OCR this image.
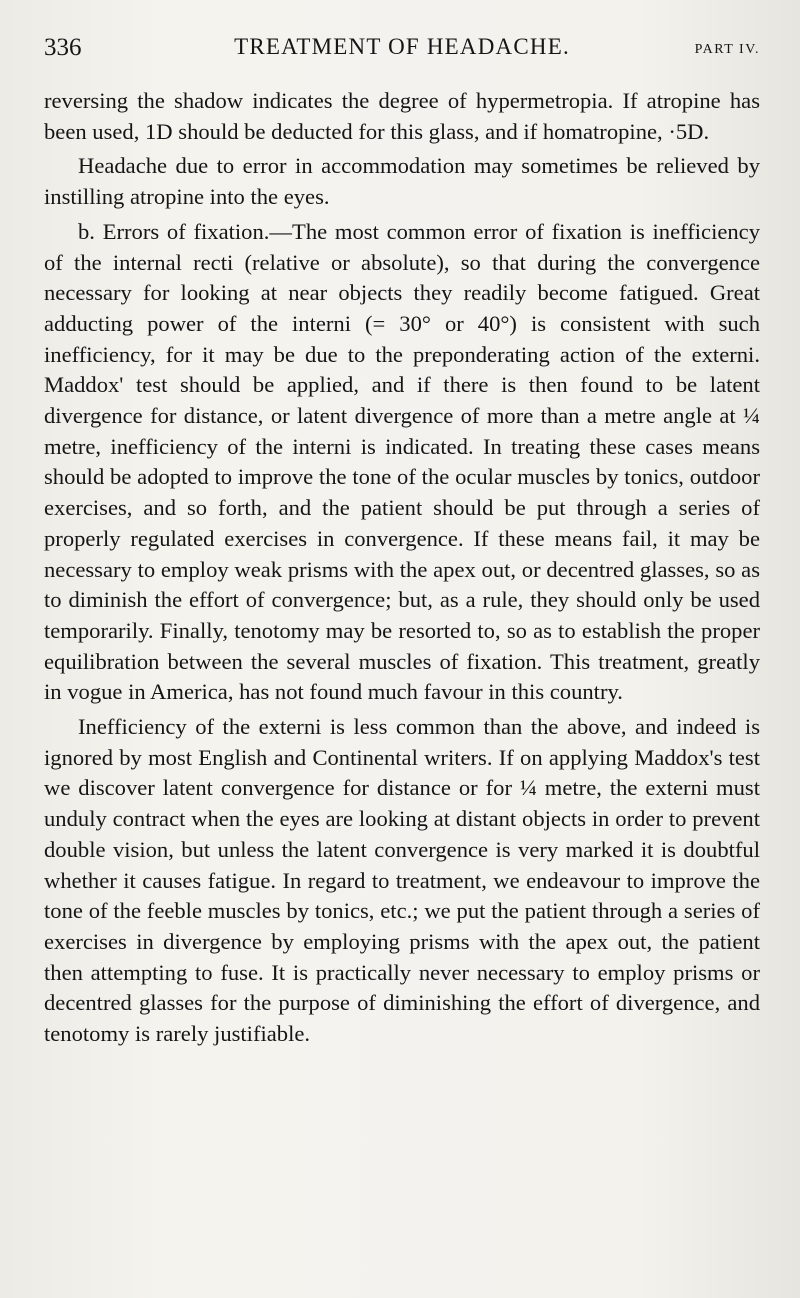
336	TREATMENT OF HEADACHE.	PART IV.

reversing the shadow indicates the degree of hypermetropia. If atropine has been used, 1D should be deducted for this glass, and if homatropine, ·5D.

Headache due to error in accommodation may sometimes be relieved by instilling atropine into the eyes.

b. Errors of fixation.—The most common error of fixation is inefficiency of the internal recti (relative or absolute), so that during the convergence necessary for looking at near objects they readily become fatigued. Great adducting power of the interni (= 30° or 40°) is consistent with such inefficiency, for it may be due to the preponderating action of the externi. Maddox' test should be applied, and if there is then found to be latent divergence for distance, or latent divergence of more than a metre angle at ¼ metre, inefficiency of the interni is indicated. In treating these cases means should be adopted to improve the tone of the ocular muscles by tonics, outdoor exercises, and so forth, and the patient should be put through a series of properly regulated exercises in convergence. If these means fail, it may be necessary to employ weak prisms with the apex out, or decentred glasses, so as to diminish the effort of convergence; but, as a rule, they should only be used temporarily. Finally, tenotomy may be resorted to, so as to establish the proper equilibration between the several muscles of fixation. This treatment, greatly in vogue in America, has not found much favour in this country.

Inefficiency of the externi is less common than the above, and indeed is ignored by most English and Continental writers. If on applying Maddox's test we discover latent convergence for distance or for ¼ metre, the externi must unduly contract when the eyes are looking at distant objects in order to prevent double vision, but unless the latent convergence is very marked it is doubtful whether it causes fatigue. In regard to treatment, we endeavour to improve the tone of the feeble muscles by tonics, etc.; we put the patient through a series of exercises in divergence by employing prisms with the apex out, the patient then attempting to fuse. It is practically never necessary to employ prisms or decentred glasses for the purpose of diminishing the effort of divergence, and tenotomy is rarely justifiable.
